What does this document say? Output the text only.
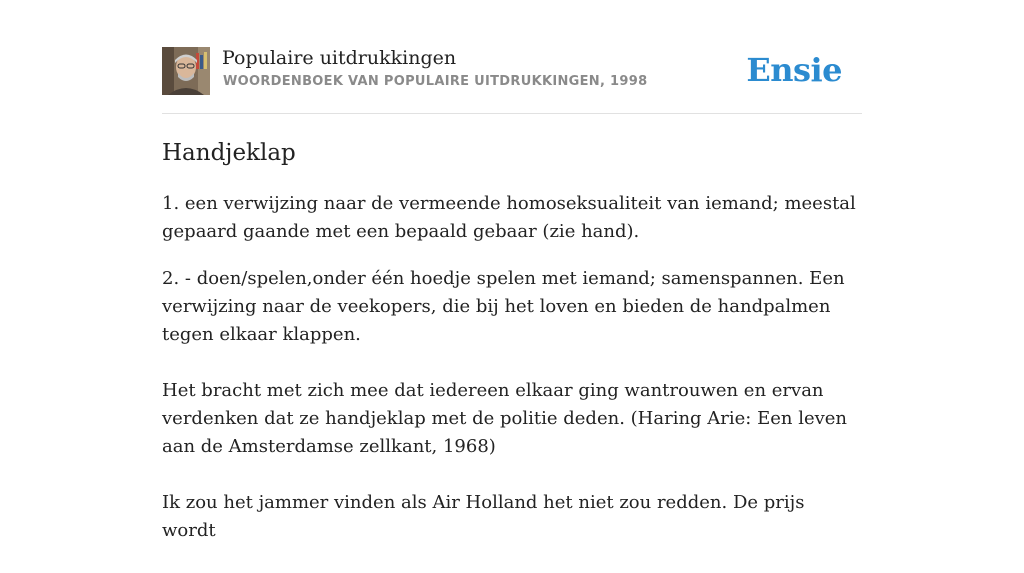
Populaire uitdrukkingen
WOORDENBOEK VAN POPULAIRE UITDRUKKINGEN, 1998	Ensie
Handjeklap

1. een verwijzing naar de vermeende homoseksualiteit van iemand; meestal gepaard gaande met een bepaald gebaar (zie hand).

2. - doen/spelen,onder één hoedje spelen met iemand; samenspannen. Een verwijzing naar de veekopers, die bij het loven en bieden de handpalmen tegen elkaar klappen.

Het bracht met zich mee dat iedereen elkaar ging wantrouwen en ervan verdenken dat ze handjeklap met de politie deden. (Haring Arie: Een leven aan de Amsterdamse zellkant, 1968)

Ik zou het jammer vinden als Air Holland het niet zou redden. De prijs wordt
